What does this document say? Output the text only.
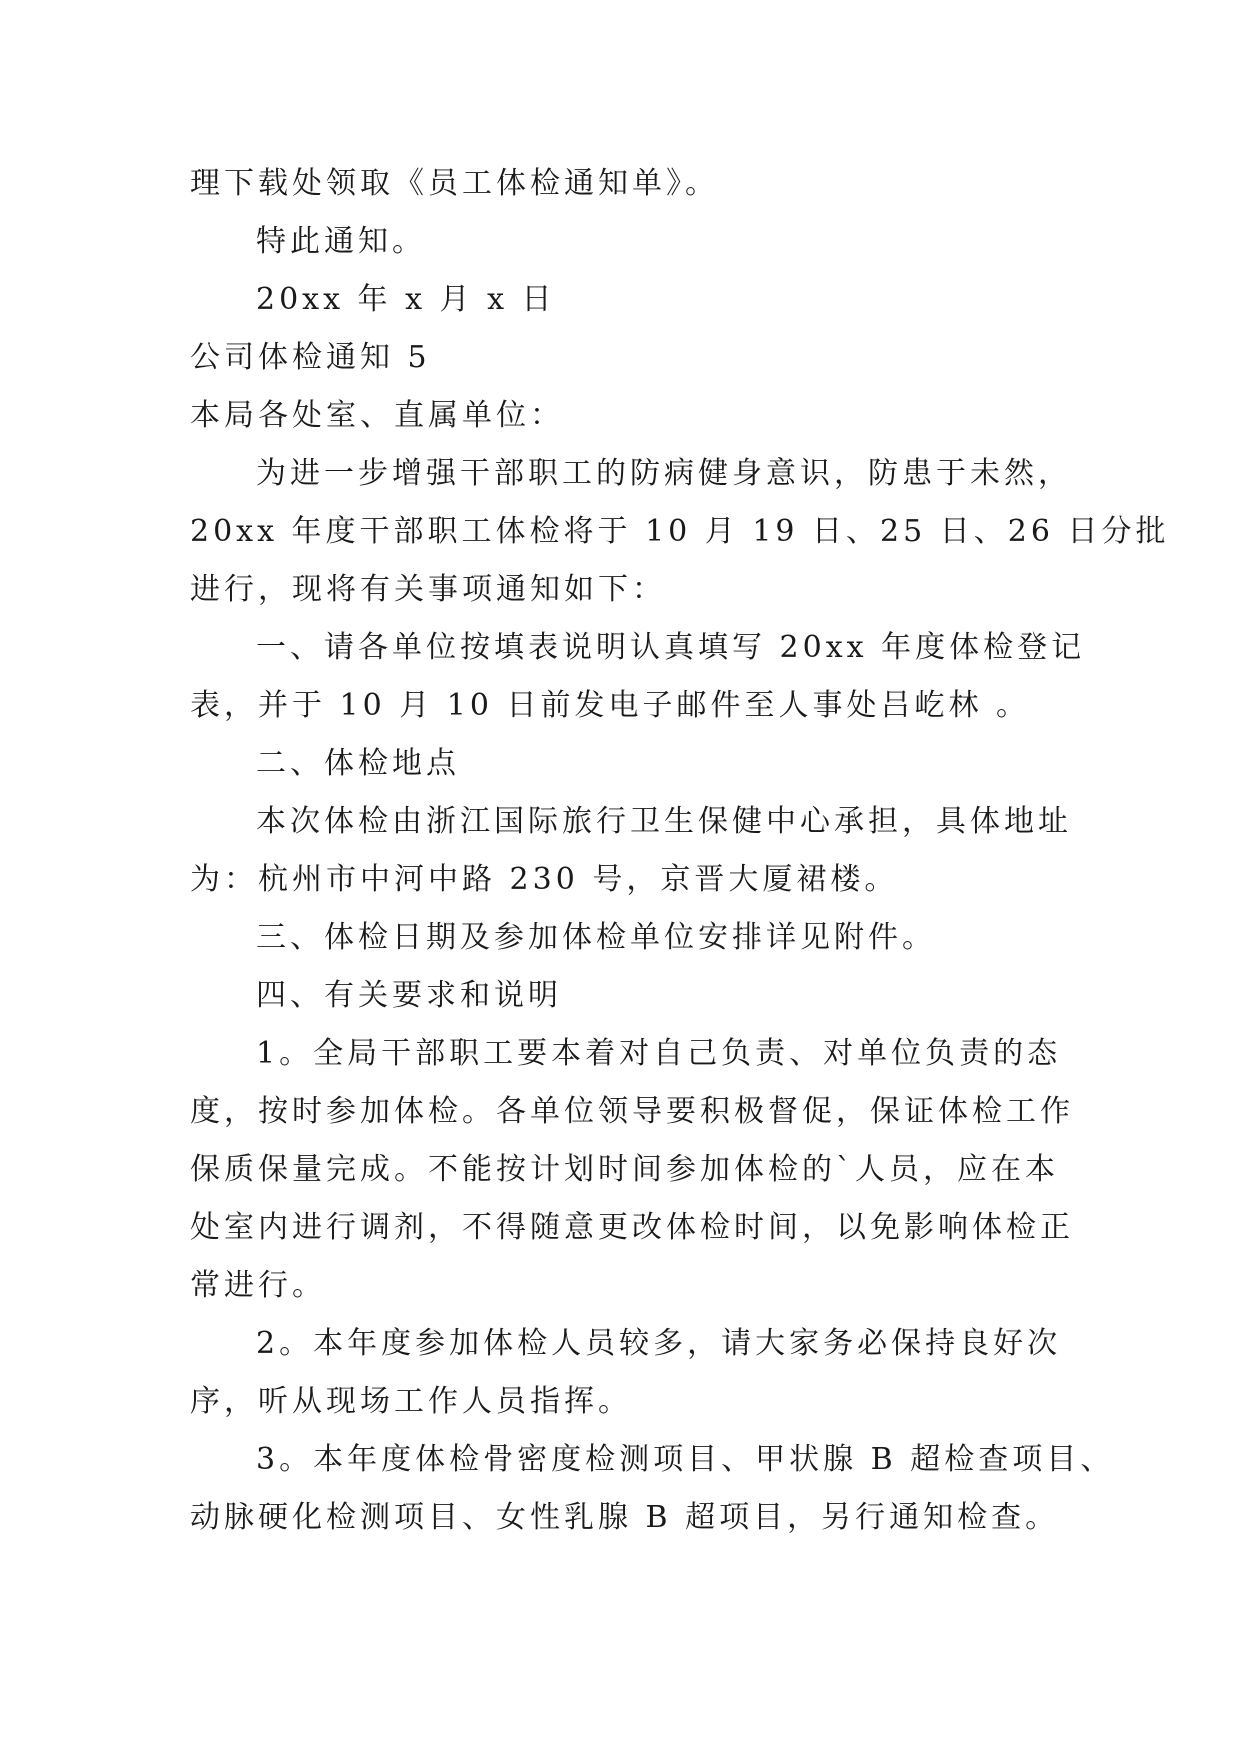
理下载处领取《员工体检通知单》。
特此通知。
20xx 年 x 月 x 日
公司体检通知 5
本局各处室、直属单位：
为进一步增强干部职工的防病健身意识，防患于未然，
20xx 年度干部职工体检将于 10 月 19 日、25 日、26 日分批
进行，现将有关事项通知如下：
一、请各单位按填表说明认真填写 20xx 年度体检登记
表，并于 10 月 10 日前发电子邮件至人事处吕屹林 。
二、体检地点
本次体检由浙江国际旅行卫生保健中心承担，具体地址
为：杭州市中河中路 230 号，京晋大厦裙楼。
三、体检日期及参加体检单位安排详见附件。
四、有关要求和说明
1。全局干部职工要本着对自己负责、对单位负责的态
度，按时参加体检。各单位领导要积极督促，保证体检工作
保质保量完成。不能按计划时间参加体检的`人员，应在本
处室内进行调剂，不得随意更改体检时间，以免影响体检正
常进行。
2。本年度参加体检人员较多，请大家务必保持良好次
序，听从现场工作人员指挥。
3。本年度体检骨密度检测项目、甲状腺 B 超检查项目、
动脉硬化检测项目、女性乳腺 B 超项目，另行通知检查。
